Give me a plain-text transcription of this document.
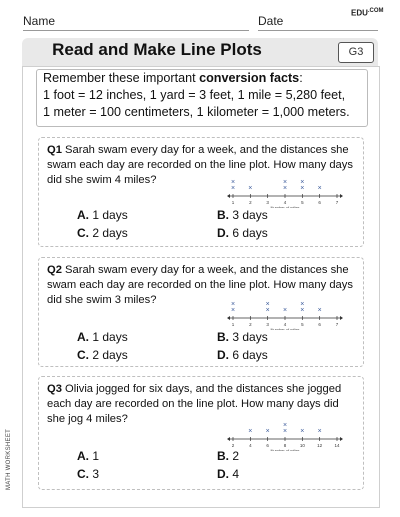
Name	Date
$EDU^{.COM}$
Read and Make Line Plots	G3

Remember these important conversion facts:

1 foot = 12 inches, 1 yard = 3 feet, 1 mile = 5,280 feet,

1 meter = 100 centimeters, 1 kilometer = 1,000 meters.

Q1 Sarah swam every day for a week, and the distances she swam each day are recorded on the line plot. How many days did she swim 4 miles?
1
×
×
2
×
3	4
×
×
5
×
×
6
×
7
Number of miles
A. 1 days	B. 3 days
C. 2 days	D. 6 days
Q2 Sarah swam every day for a week, and the distances she swam each day are recorded on the line plot. How many days did she swim 3 miles?
1
×
×
2	3
×
×
4
×
5
×
×
6
×
7
Number of miles
A. 1 days	B. 3 days
C. 2 days	D. 6 days
Q3 Olivia jogged for six days, and the distances she jogged each day are recorded on the line plot. How many days did she jog 4 miles?
2	4
×
6
×
8
×
×
10
×
12
×
14
Number of miles
A. 1	B. 2
C. 3	D. 4
MATH WORKSHEET
